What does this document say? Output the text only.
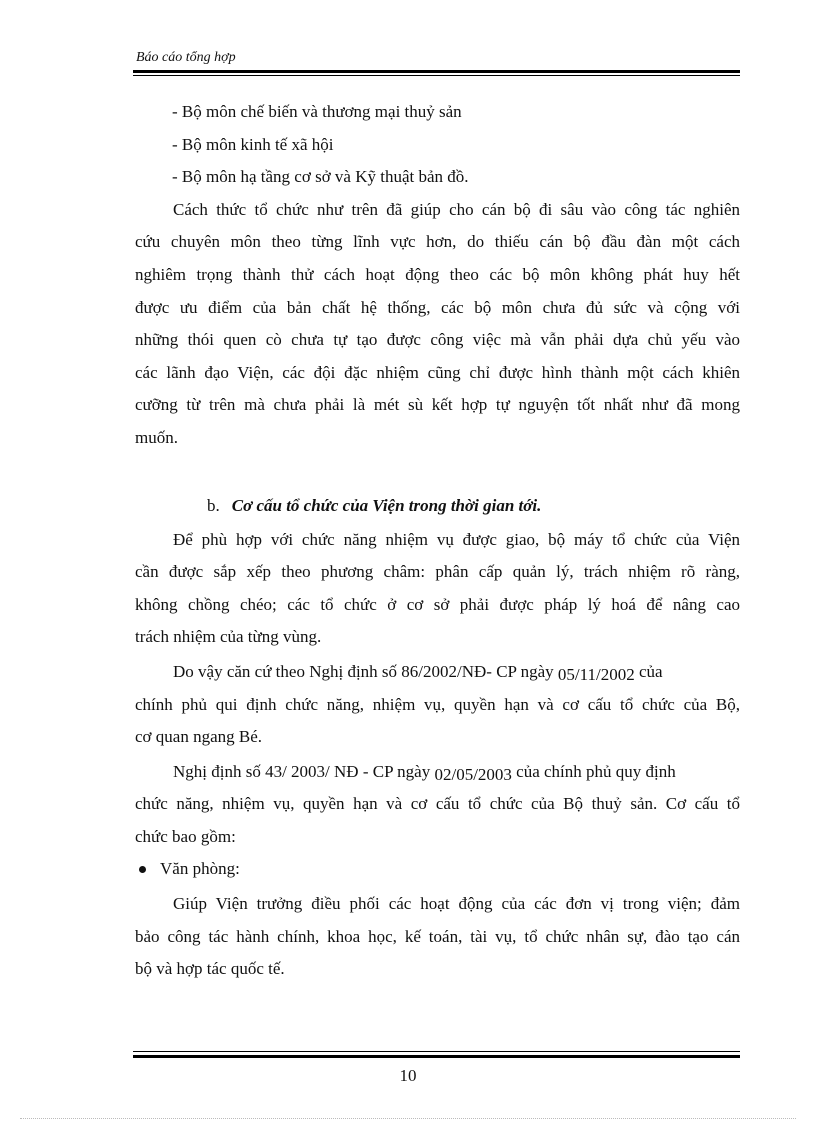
Báo cáo tổng hợp
- Bộ môn chế biến và thương mại thuỷ sản
- Bộ môn kinh tế xã hội
- Bộ môn hạ tầng cơ sở và Kỹ thuật bản đồ.
Cách thức tổ chức như trên đã giúp cho cán bộ đi sâu vào công tác nghiên
cứu chuyên môn theo từng lĩnh vực hơn, do thiếu cán bộ đầu đàn một cách
nghiêm trọng thành thử cách hoạt động theo các bộ môn không phát huy hết
được ưu điểm của bản chất hệ thống, các bộ môn chưa đủ sức và cộng với
những thói quen cò chưa tự tạo được công việc mà vẫn phải dựa chủ yếu vào
các lãnh đạo Viện, các đội đặc nhiệm cũng chỉ được hình thành một cách khiên
cưỡng từ trên mà chưa phải là mét sù kết hợp tự nguyện tốt nhất như đã mong
muốn.
b. Cơ cấu tổ chức của Viện trong thời gian tới.
Để phù hợp với chức năng nhiệm vụ được giao, bộ máy tổ chức của Viện
cần được sắp xếp theo phương châm: phân cấp quản lý, trách nhiệm rõ ràng,
không chồng chéo; các tổ chức ở cơ sở phải được pháp lý hoá để nâng cao
trách nhiệm của từng vùng.
Do vậy căn cứ theo Nghị định số 86/2002/NĐ- CP ngày 05/11/2002 của
chính phủ qui định chức năng, nhiệm vụ, quyền hạn và cơ cấu tổ chức của Bộ,
cơ quan ngang Bé.
Nghị định số 43/ 2003/ NĐ - CP ngày 02/05/2003 của chính phủ quy định
chức năng, nhiệm vụ, quyền hạn và cơ cấu tổ chức của Bộ thuỷ sản. Cơ cấu tổ
chức bao gồm:
Văn phòng:
Giúp Viện trưởng điều phối các hoạt động của các đơn vị trong viện; đảm
bảo công tác hành chính, khoa học, kế toán, tài vụ, tổ chức nhân sự, đào tạo cán
bộ và hợp tác quốc tế.
10
